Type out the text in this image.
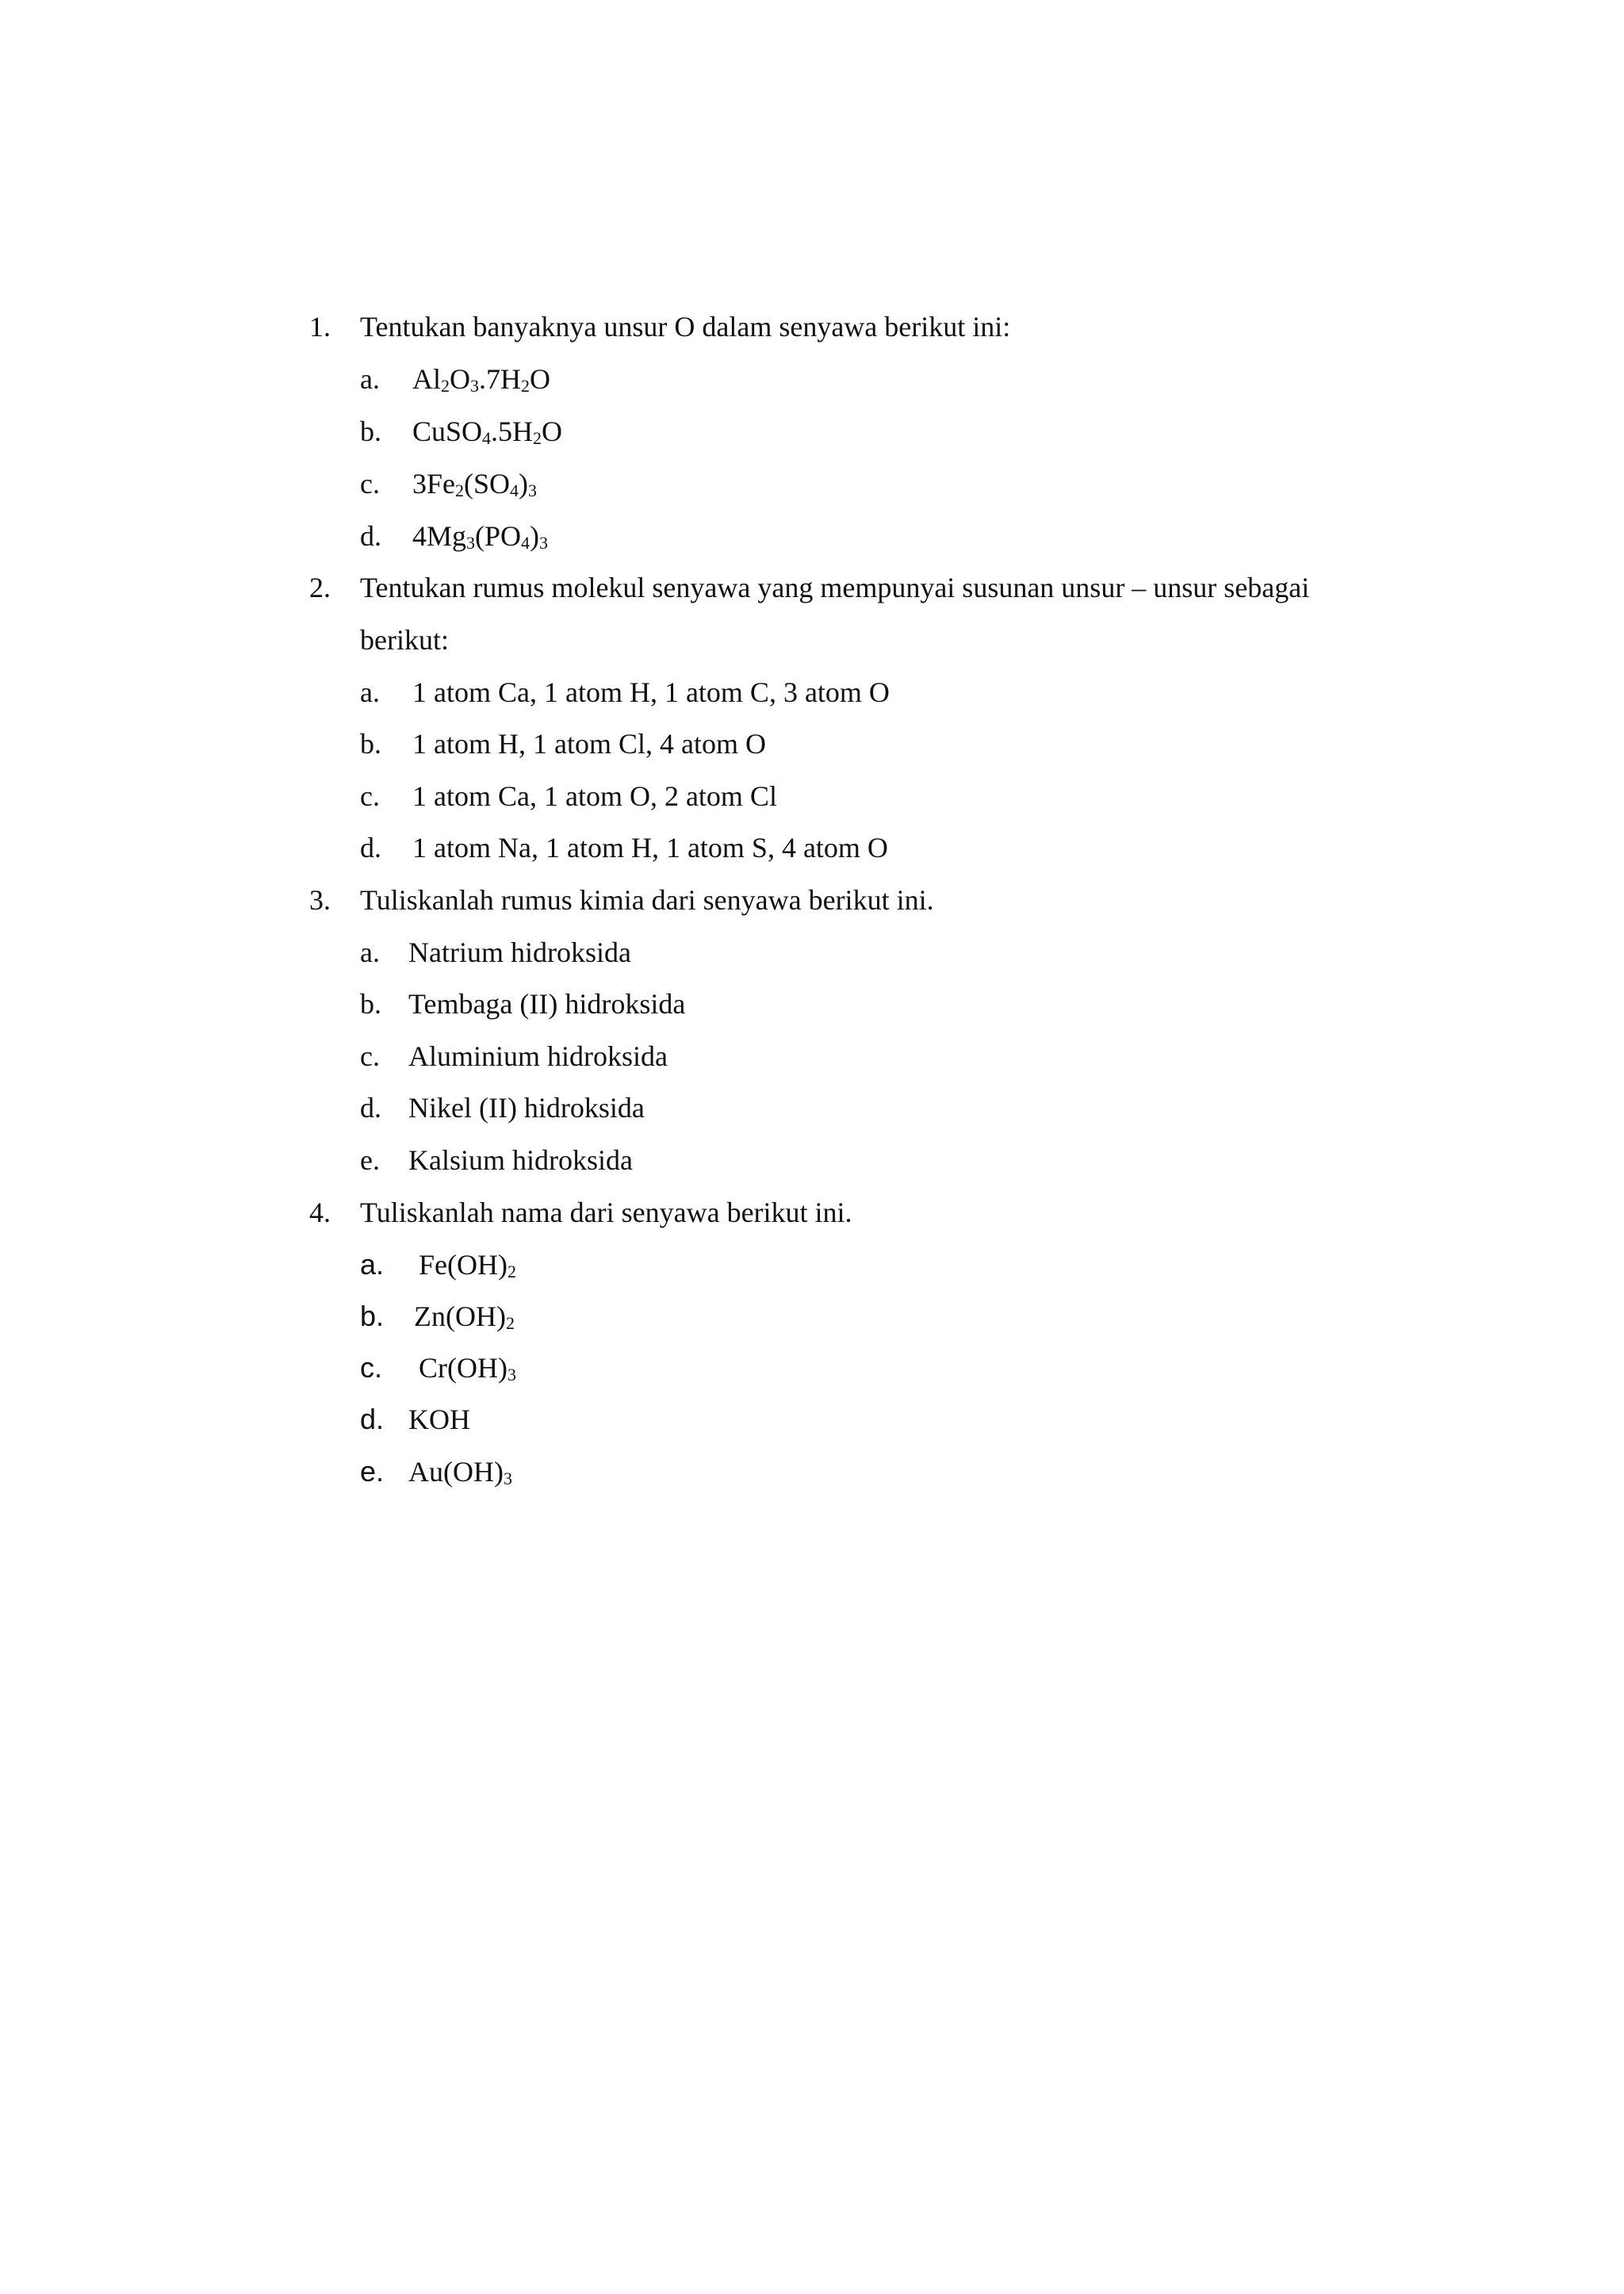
1. Tentukan banyaknya unsur O dalam senyawa berikut ini:
a. $Al_2O_3.7H_2O$
b. $CuSO_4.5H_2O$
c. $3Fe_2(SO_4)_3$
d. $4Mg_3(PO_4)_3$
2. Tentukan rumus molekul senyawa yang mempunyai susunan unsur – unsur sebagai
berikut:
a. 1 atom Ca, 1 atom H, 1 atom C, 3 atom O
b. 1 atom H, 1 atom Cl, 4 atom O
c. 1 atom Ca, 1 atom O, 2 atom Cl
d. 1 atom Na, 1 atom H, 1 atom S, 4 atom O
3. Tuliskanlah rumus kimia dari senyawa berikut ini.
a. Natrium hidroksida
b. Tembaga (II) hidroksida
c. Aluminium hidroksida
d. Nikel (II) hidroksida
e. Kalsium hidroksida
4. Tuliskanlah nama dari senyawa berikut ini.
a. $Fe(OH)_2$
b. $Zn(OH)_2$
c. $Cr(OH)_3$
d. KOH
e. $Au(OH)_3$
